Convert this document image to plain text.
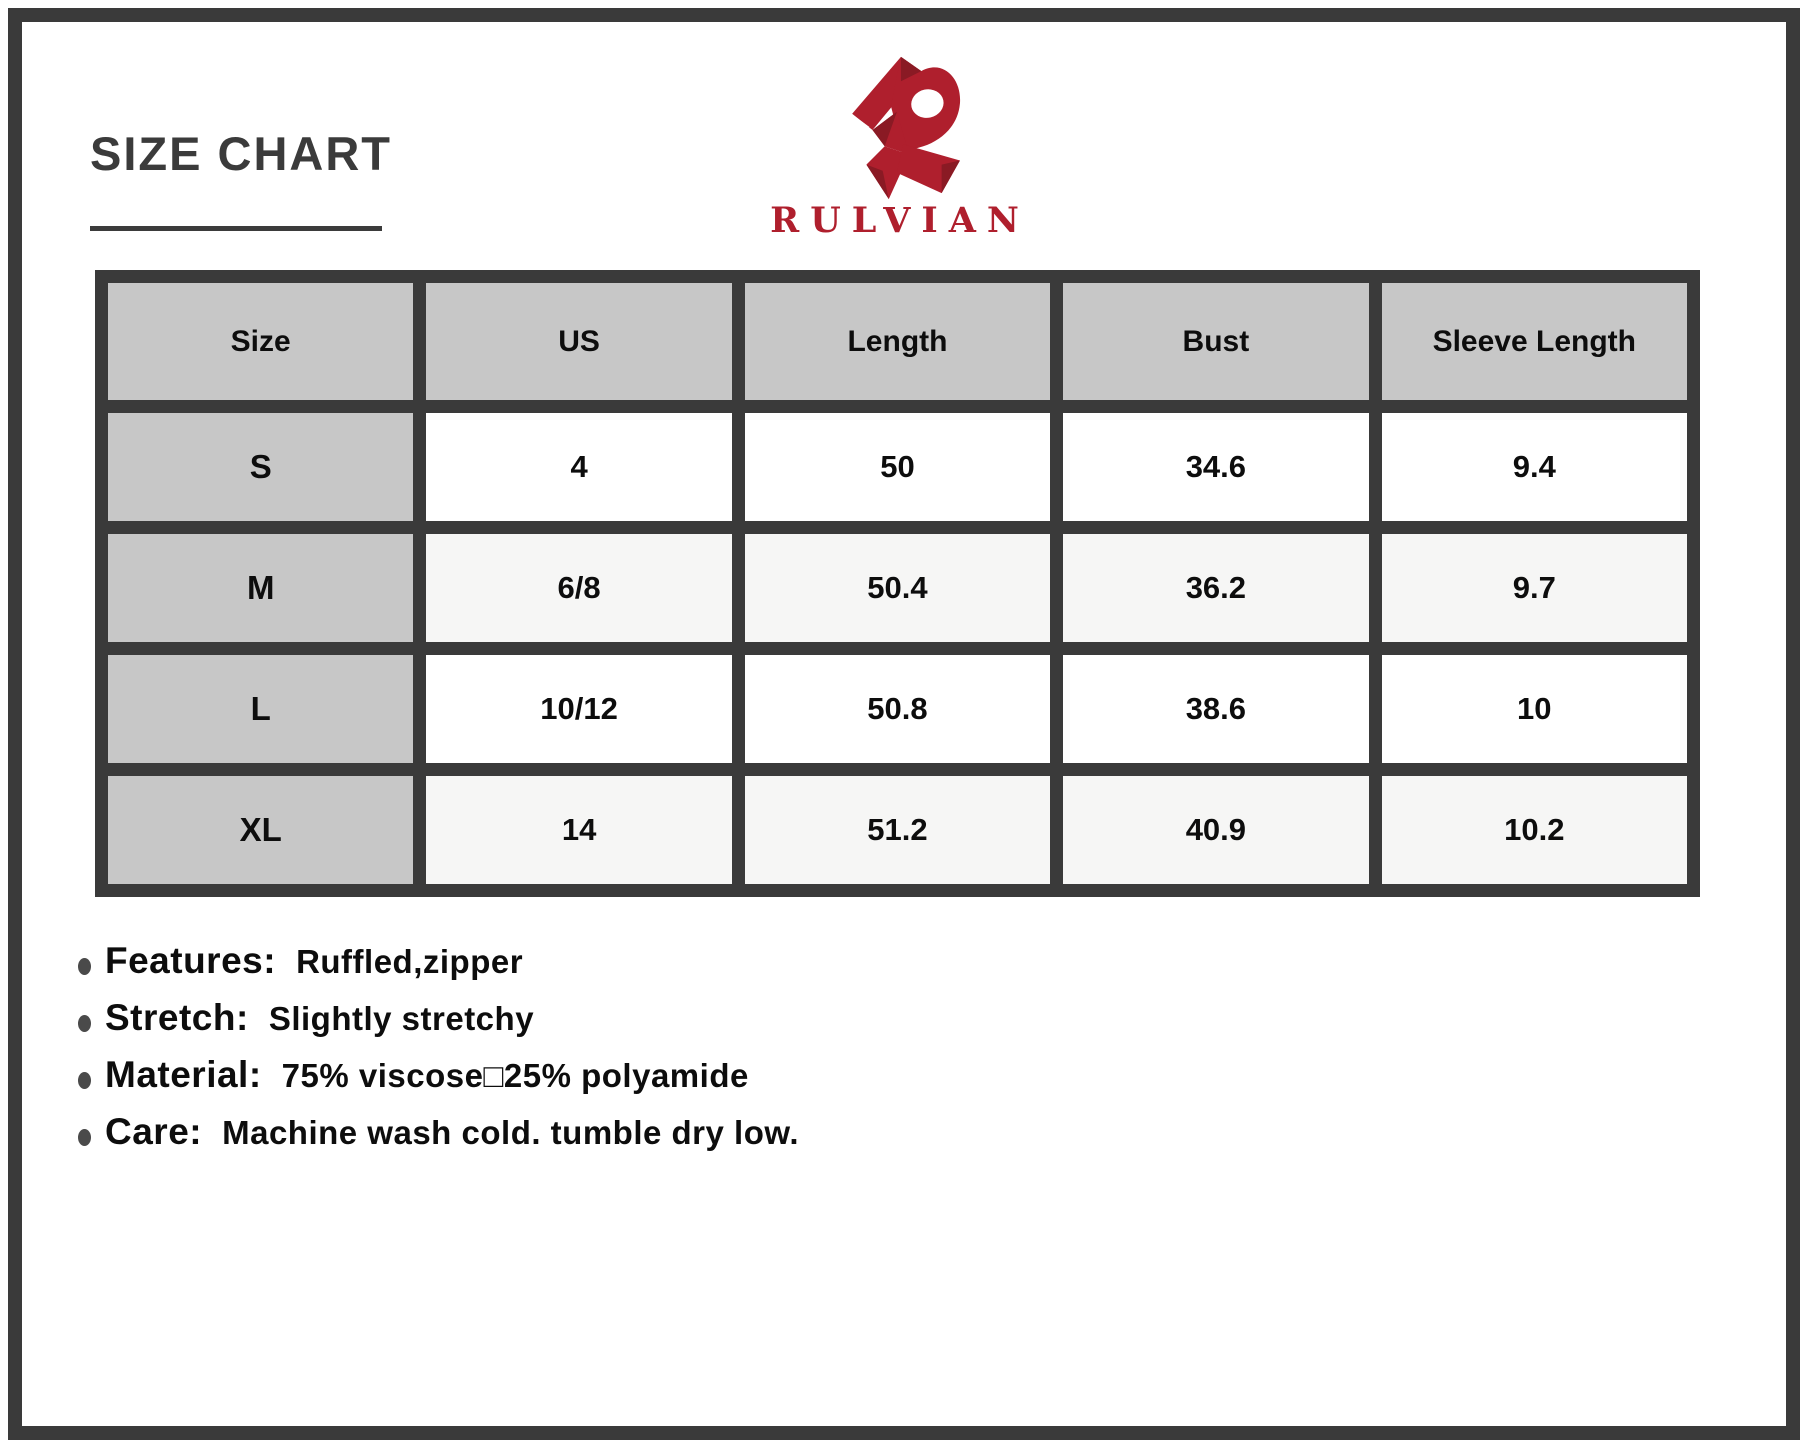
SIZE CHART
RULVIAN
Size	US	Length	Bust	Sleeve Length
S	4	50	34.6	9.4
M	6/8	50.4	36.2	9.7
L	10/12	50.8	38.6	10
XL	14	51.2	40.9	10.2
Features: Ruffled,zipper
Stretch: Slightly stretchy
Material: 75% viscose□25% polyamide
Care: Machine wash cold. tumble dry low.
